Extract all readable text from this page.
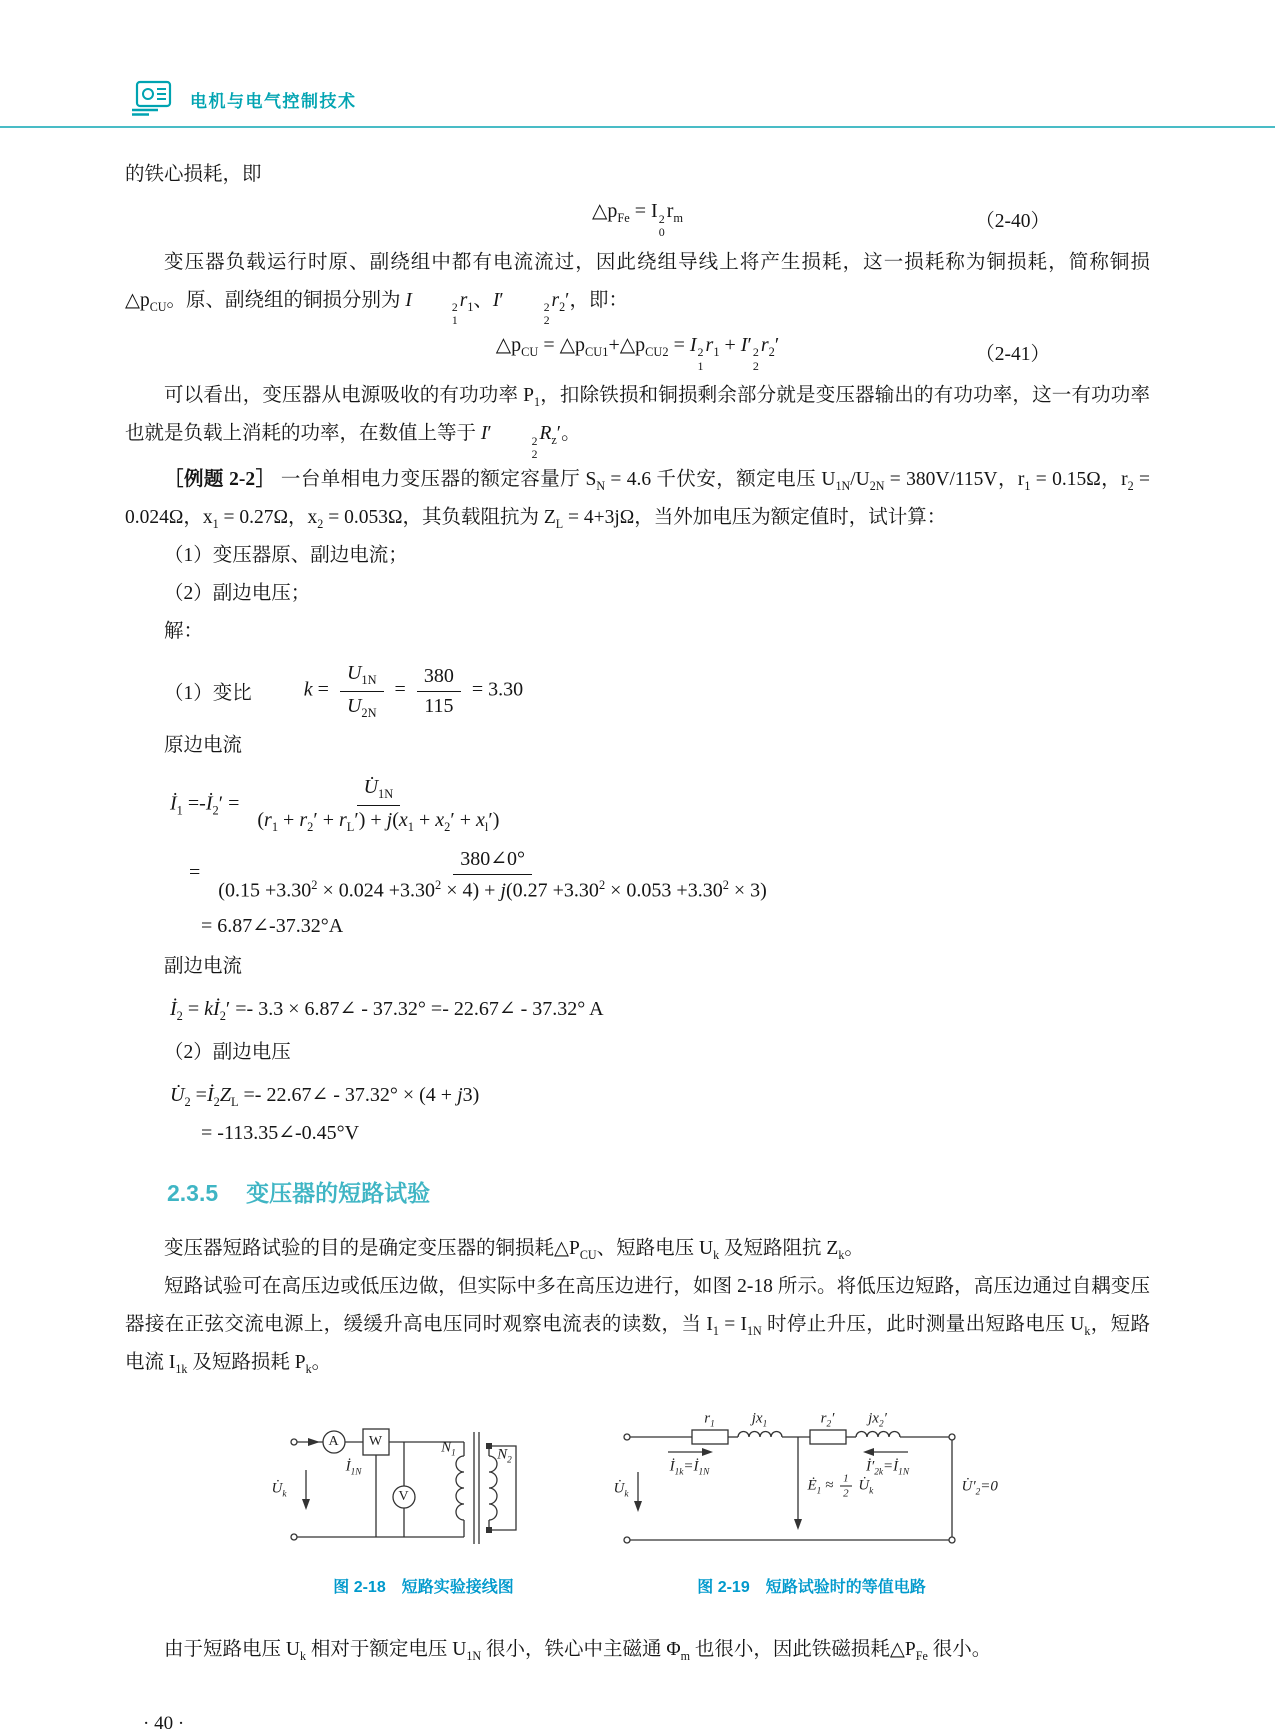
电机与电气控制技术

的铁心损耗，即

$\triangle p_{Fe} = I$ 2
0
$r_m$	（2-40）

变压器负载运行时原、副绕组中都有电流流过，因此绕组导线上将产生损耗，这一损耗称为铜损耗，简称铜损$\triangle p_{CU}$。原、副绕组的铜损分别为 I	2
1
$r_1$、I′	2
2
$r_2'$，即：

$\triangle p_{CU}$ = $\triangle p_{CU1}+\triangle p_{CU2} = I$ 2
1
$r_1 + I'$ 2
2
$r_2'$	（2-41）

可以看出，变压器从电源吸收的有功功率 $P_1$，扣除铁损和铜损剩余部分就是变压器输出的有功功率，这一有功功率也就是负载上消耗的功率，在数值上等于 I′	2
2
$R_z'$。

［例题 2-2］ 一台单相电力变压器的额定容量厅 $S_N = 4.6$ 千伏安，额定电压 $U_{1N}/U_{2N} = 380V/115V$，$r_1 = 0.15\Omega$，$r_2 = 0.024\Omega$，$x_1 = 0.27\Omega$，$x_2 = 0.053\Omega$，其负载阻抗为 $Z_L = 4+3j\Omega$，当外加电压为额定值时，试计算：

（1）变压器原、副边电流；

（2）副边电压；

解：

（1）变比	$k = \frac{U_{1N}}{U_{2N}} = \frac{380}{115} = 3.30$

原边电流

$İ_1$ $=-İ_2' = \frac{U̇_{1N}}{(r_1 + r_2' + r_L') + j(x_1 + x_2' + x_l')}$
=
380∠0°
$(0.15 +3.30^2 \times 0.024 +3.30^2 \times 4) + j(0.27 +3.30^2 \times 0.053 +3.30^2 \times 3)$
= 6.87∠-37.32°A

副边电流

$İ_2$ = $kİ_2' =- 3.3$ × 6.87∠ - 37.32° =- 22.67∠ - 37.32° A

（2）副边电压

$U̇_2$ $=İ_2Z_L$ =- 22.67∠ - 37.32° × (4 + j3)
= -113.35∠-0.45°V
2.3.5 变压器的短路试验

变压器短路试验的目的是确定变压器的铜损耗$\triangle P_{CU}$、短路电压 $U_k$ 及短路阻抗 $Z_k$。

短路试验可在高压边或低压边做，但实际中多在高压边进行，如图 2-18 所示。将低压边短路，高压边通过自耦变压器接在正弦交流电源上，缓缓升高电压同时观察电流表的读数，当 $I_1 = I_{1N}$ 时停止升压，此时测量出短路电压 $U_k$，短路电流 $I_{1k}$ 及短路损耗 $P_k$。

A W
V
$N_1$	$N_2$
$İ_{1N}$
$U̇_k$
图 2-18　短路实验接线图
$r_1$ $jx_1$	$r_2'$ $jx_2'$
$İ_{1k}=İ_{1N}$	$İ'_{2k}=İ_{1N}$
$U̇_k$
$Ė_1 \approx \frac{1}{2}$ $U̇_k$	$U̇'_2=0$
图 2-19　短路试验时的等值电路

由于短路电压 $U_k$ 相对于额定电压 $U_{1N}$ 很小，铁心中主磁通 $\Phi_m$ 也很小，因此铁磁损耗$\triangle P_{Fe}$ 很小。

· 40 ·
